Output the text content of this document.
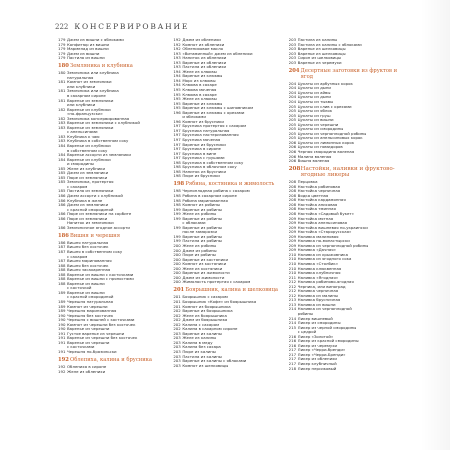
222 КОНСЕРВИРОВАНИЕ
179 Джем из вишни с яблоками
179 Конфитюр из вишни
179 Мармелад из вишни
179 Джем из вишни
179 Пастила из вишни
180 Земляника и клубника
180 Земляника или клубника
натуральная
181 Компот из земляники
или клубники
181 Земляника или клубника
в сахарном сиропе
181 Варенье из земляники
или клубники
182 Варенье из клубники
«по-французски»
182 Земляника консервированная
183 Варенье из земляники с клубникой
183 Варенье из земляники
с апельсинами
183 Клубника к чаю
183 Клубника в собственном соку
184 Варенье из клубники
в собственном соку
184 Варенье ассорти из земляники
184 Варенье из клубники
и смородины
185 Желе из клубники
185 Джем из земляники
185 Пюре из земляники
185 Земляника, протертая
с сахаром
185 Пастила из земляники
186 Джем ассорти с клубникой
186 Клубника в желе
186 Джем из земляники
с красной смородиной
186 Пюре из земляники на сорбите
186 Пюре из земляники
Напиток из земляники
186 Земляничное ягодное ассорти
186 Вишня и черешня
186 Вишня натуральная
187 Вишня без косточек
187 Вишня в собственном соку
с сахаром
187 Вишня маринованная
188 Вишня без косточек
188 Вишня засахаренная
188 Варенье из вишни с косточками
188 Варенье из вишни с пряностями
188 Варенье из вишни
с косточкой
189 Варенье из вишни
с красной смородиной
189 Черешня натуральная
189 Компот из черешни
189 Черешня маринованная
190 Черешня без косточек
190 Черешня с вишней с косточками
190 Компот из черешни без косточек
190 Варенье из черешни
191 Густое варенье из черешни
191 Варенье из черешни без косточек
191 Варенье из черешни
с косточками
191 Черешня по-бразильски
192 Облепиха, калина и брусника
192 Облепиха в сиропе
192 Желе из облепихи
192 Джем из облепихи
192 Компот из облепихи
192 Облепиховое масло
193 «Витаминный» джем из облепихи
193 Напиток из облепихи
193 Варенье из облепихи
193 Пастила из облепихи
194 Желе из клюквы
194 Варенье из клюквы
194 Морс из клюквы
194 Клюква в сахаре
195 Клюква моченая
195 Клюква в сахаре
195 Желе из клюквы
195 Варенье из клюквы
195 Варенье из клюквы с шиповником
196 Варенье из клюквы с орехами
и яблоками
196 Компот из брусники
197 Брусника протертая с сахаром
197 Брусника натуральная
197 Брусника пастеризованная
197 Брусника моченая
197 Варенье из брусники
197 Брусника в сиропе
197 Брусника в вине
197 Брусника с грушами
198 Брусника в собственном соку
198 Брусника в яблочном соку
198 Напиток из брусники
198 Пюре из брусники
198 Рябина, костяника и жимолость
198 Черноплодная рябина с сахаром
198 Рябина в сахарном сиропе
198 Рябина маринованная
198 Компот из рябины
199 Варенье из рябины
199 Желе из рябины
199 Варенье из рябины
с яблоками
199 Варенье из рябины
после заморозки
199 Варенье из рябины
199 Пастила из рябины
200 Желе из рябины
200 Джем из рябины
200 Пюре из рябины
200 Варенье из костяники
200 Компот из костяники
200 Желе из костяники
200 Варенье из жимолости
200 Джем из жимолости
200 Жимолость протертая с сахаром
201 Боярышник, калина и шелковица
201 Боярышник с сахаром
201 Боярышник «Кофе» из боярышника
201 Компот из боярышника
202 Варенье из боярышника
202 Желе из боярышника
202 Джем из боярышника
202 Калина с сахаром
202 Калина в сахарном сиропе
203 Варенье из калины
203 Желе из калины
203 Калина в меду
203 Калина без сахара
203 Пюре из калины
203 Пастила из калины
203 Варенье из калины с яблоками
203 Компот из шелковицы
203 Пастила из калины
203 Пастила из калины с яблоками
203 Варенье из шелковицы
203 Варенье из шелковицы
203 Сироп из шелковицы
203 Варенье из черемухи
204 Десертные заготовки из фруктов и ягод
204 Цукаты из арбузных корок
204 Цукаты из дыни
204 Цукаты из айвы
204 Цукаты из дыни
204 Цукаты из тыквы
205 Цукаты из слив с орехами
205 Цукаты из яблок
205 Цукаты из груш
205 Цукаты из вишни
205 Цукаты из черешни
205 Цукаты из смородины
205 Цукаты из черноплодной рябины
205 Цукаты из апельсиновых корок
206 Цукаты из лимонных корок
206 Цукаты из помидоров
206 Черная смородина вяленая
206 Малина вяленая
206 Вишня вяленая
208 Настойки, наливки и фруктово-ягодные ликеры
208 Перцовка
208 Настойка рябиновая
208 Настойка черничная
208 Водка цветная
208 Настойка кардамонная
208 Настойка анисовая
208 Настойка тминная
208 Настойка «Садовый букет»
209 Настойка мятная
209 Настойка апельсиновая
209 Настойка вишневая по-украински
209 Настойка «Старорусская»
209 Наливка малиновая
209 Наливка по-монастырски
209 Наливка из черноплодной рябины
209 Наливка «Дачная»
210 Наливка из крыжовника
210 Наливка из ягодного сока
210 Наливка «Столбик»
210 Наливка клюквенная
210 Наливка клубничная
211 Наливка «Ягодная»
212 Наливка рябиново-ягодная
212 Черника, или виноград
212 Наливка черничная
212 Наливка из малины
213 Наливка брусничная
213 Наливка из вишни
214 Наливка из черноплодной
рябины
214 Ликер вишневый
214 Ликер из смородины
215 Ликер из черной смородины
с цедрой
216 Ликер «Золотой»
216 Ликер из красной смородины
216 Ликер из черемухи
217 Ликер «Черри-бренди»
217 Ликер «Черри-Бренди»
217 Ликер из облепихи
217 Ликер клубничный
218 Ликер персиковый
